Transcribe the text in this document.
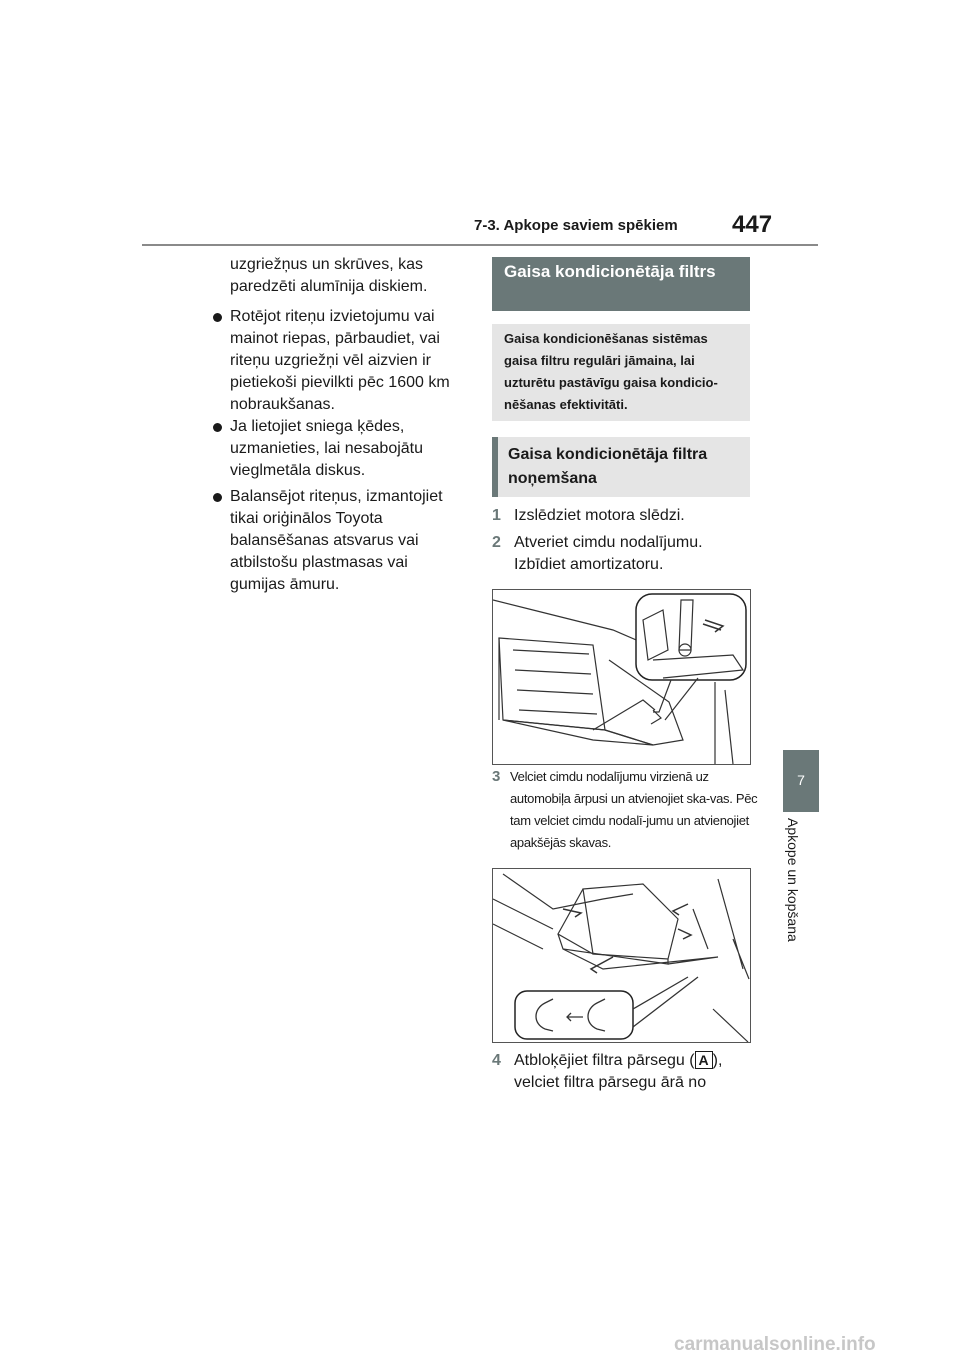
7-3. Apkope saviem spēkiem 447
7
Apkope un kopšana
uzgriežņus un skrūves, kas paredzēti alumīnija diskiem.
Rotējot riteņu izvietojumu vai mainot riepas, pārbaudiet, vai riteņu uzgriežņi vēl aizvien ir pietiekoši pievilkti pēc 1600 km nobraukšanas.
Ja lietojiet sniega ķēdes, uzmanieties, lai nesabojātu vieglmetāla diskus.
Balansējot riteņus, izmantojiet tikai oriģinālos Toyota balansēšanas atsvarus vai atbilstošu plastmasas vai gumijas āmuru.
Gaisa kondicionētāja filtrs
Gaisa kondicionēšanas sistēmas gaisa filtru regulāri jāmaina, lai uzturētu pastāvīgu gaisa kondicio-nēšanas efektivitāti.
Gaisa kondicionētāja filtra noņemšana
1 Izslēdziet motora slēdzi.
2 Atveriet cimdu nodalījumu. Izbīdiet amortizatoru.
3 Velciet cimdu nodalījumu virzienā uz automobiļa ārpusi un atvienojiet ska-vas. Pēc tam velciet cimdu nodalī-jumu un atvienojiet apakšējās skavas.
4 Atbloķējiet filtra pārsegu ( A ), velciet filtra pārsegu ārā no
carmanualsonline.info
